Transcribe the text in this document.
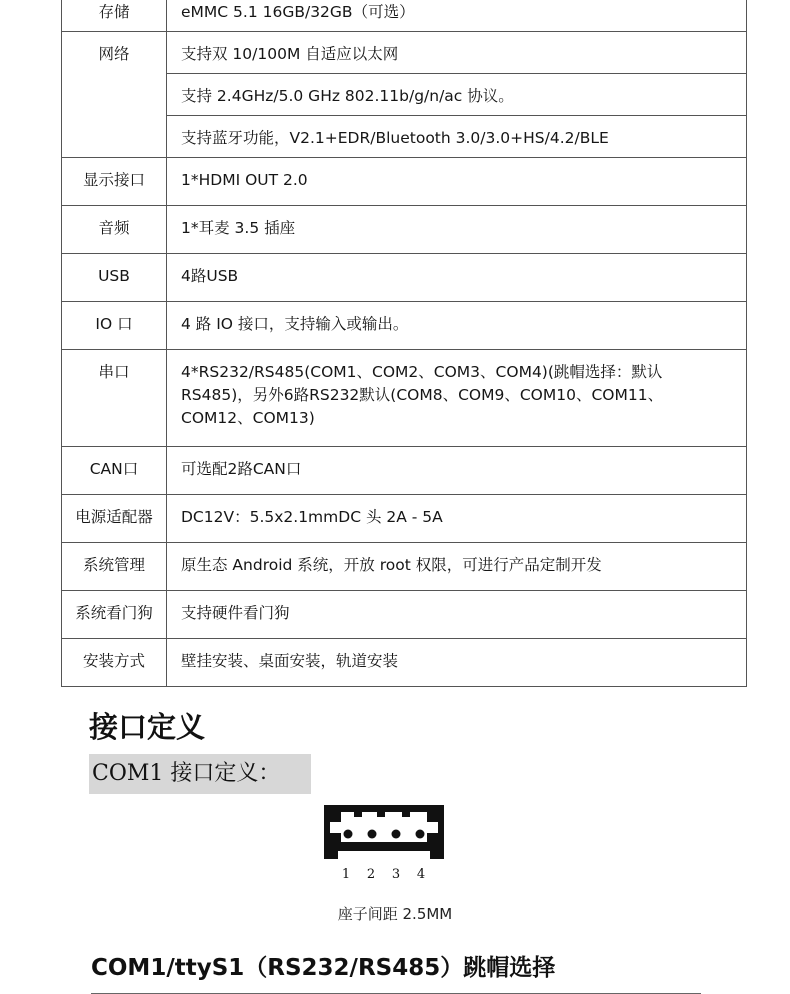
存储	eMMC 5.1 16GB/32GB（可选）
网络	支持双 10/100M 自适应以太网
	支持 2.4GHz/5.0 GHz 802.11b/g/n/ac 协议。
	支持蓝牙功能，V2.1+EDR/Bluetooth 3.0/3.0+HS/4.2/BLE
显示接口	1*HDMI OUT 2.0
音频	1*耳麦 3.5 插座
USB	4路USB
IO 口	4 路 IO 接口，支持输入或输出。
串口	4*RS232/RS485(COM1、COM2、COM3、COM4)(跳帽选择：默认RS485)，另外6路RS232默认(COM8、COM9、COM10、COM11、COM12、COM13)
CAN口	可选配2路CAN口
电源适配器	DC12V：5.5x2.1mmDC 头 2A - 5A
系统管理	原生态 Android 系统，开放 root 权限，可进行产品定制开发
系统看门狗	支持硬件看门狗
安装方式	壁挂安装、桌面安装，轨道安装
接口定义
COM1 接口定义：
1	2	3	4
座子间距 2.5MM
COM1/ttyS1（RS232/RS485）跳帽选择
